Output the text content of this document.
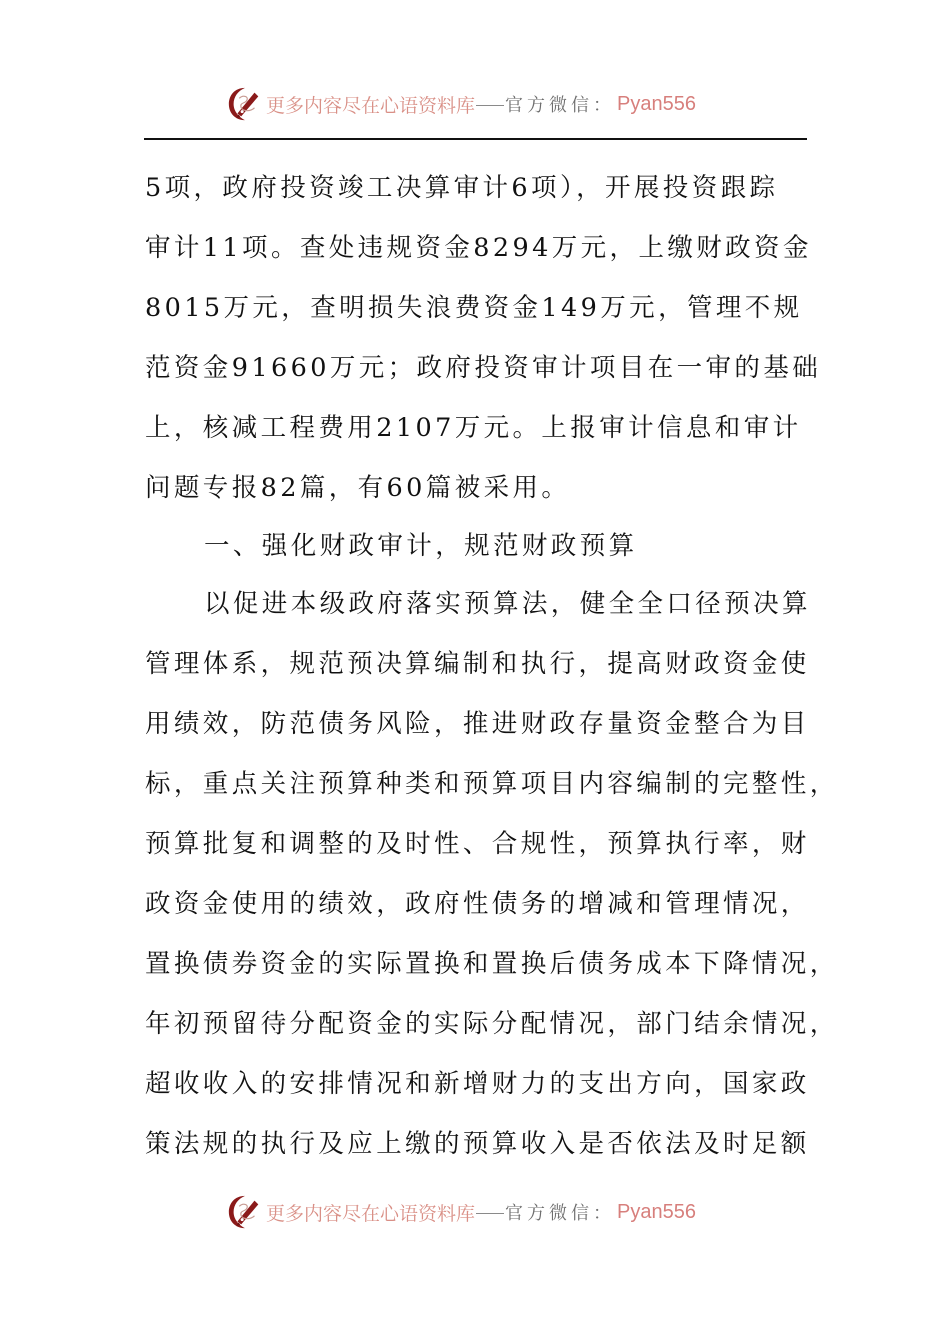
更多内容尽在心语资料库 官方微信： Pyan556
5项，政府投资竣工决算审计6项），开展投资跟踪
审计11项。查处违规资金8294万元，上缴财政资金
8015万元，查明损失浪费资金149万元，管理不规
范资金91660万元；政府投资审计项目在一审的基础
上，核减工程费用2107万元。上报审计信息和审计
问题专报82篇，有60篇被采用。
一、强化财政审计，规范财政预算
以促进本级政府落实预算法，健全全口径预决算
管理体系，规范预决算编制和执行，提高财政资金使
用绩效，防范债务风险，推进财政存量资金整合为目
标，重点关注预算种类和预算项目内容编制的完整性，
预算批复和调整的及时性、合规性，预算执行率，财
政资金使用的绩效，政府性债务的增减和管理情况，
置换债券资金的实际置换和置换后债务成本下降情况，
年初预留待分配资金的实际分配情况，部门结余情况，
超收收入的安排情况和新增财力的支出方向，国家政
策法规的执行及应上缴的预算收入是否依法及时足额
更多内容尽在心语资料库 官方微信： Pyan556
